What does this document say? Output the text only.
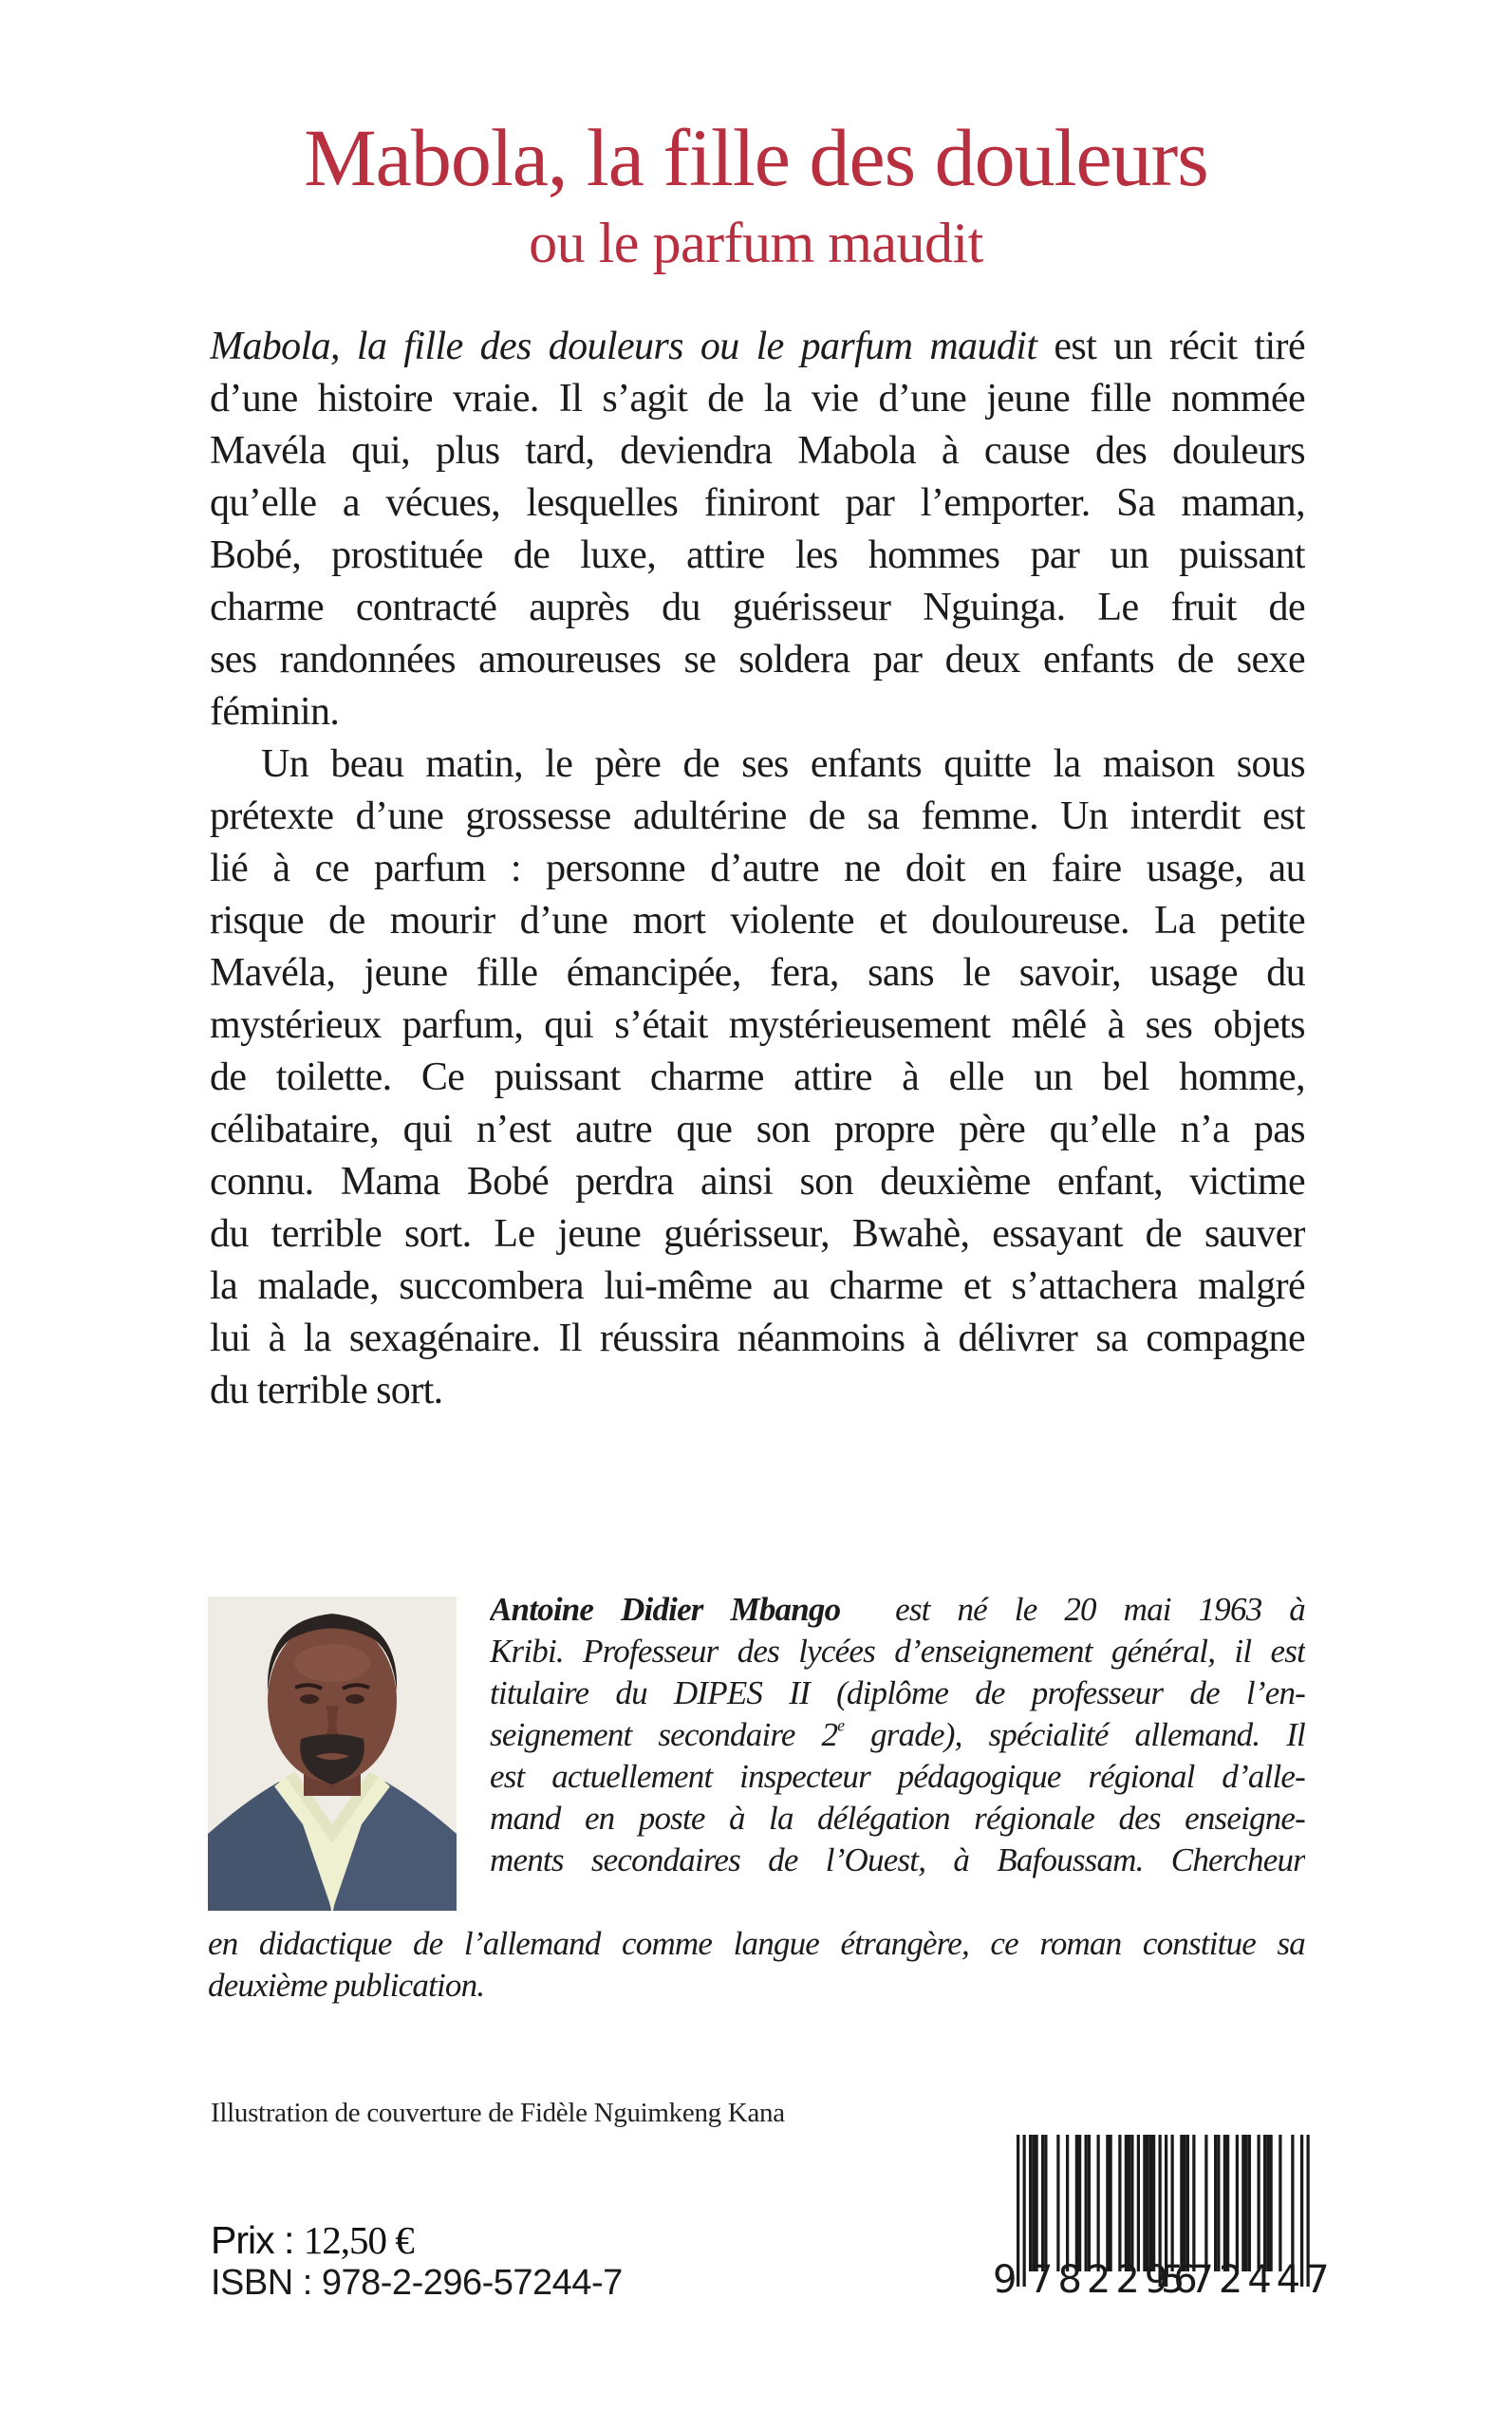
Mabola, la fille des douleurs
ou le parfum maudit
Mabola, la fille des douleurs ou le parfum maudit est un récit tiré
d’une histoire vraie. Il s’agit de la vie d’une jeune fille nommée
Mavéla qui, plus tard, deviendra Mabola à cause des douleurs
qu’elle a vécues, lesquelles finiront par l’emporter. Sa maman,
Bobé, prostituée de luxe, attire les hommes par un puissant
charme contracté auprès du guérisseur Nguinga. Le fruit de
ses randonnées amoureuses se soldera par deux enfants de sexe
féminin.
Un beau matin, le père de ses enfants quitte la maison sous
prétexte d’une grossesse adultérine de sa femme. Un interdit est
lié à ce parfum : personne d’autre ne doit en faire usage, au
risque de mourir d’une mort violente et douloureuse. La petite
Mavéla, jeune fille émancipée, fera, sans le savoir, usage du
mystérieux parfum, qui s’était mystérieusement mêlé à ses objets
de toilette. Ce puissant charme attire à elle un bel homme,
célibataire, qui n’est autre que son propre père qu’elle n’a pas
connu. Mama Bobé perdra ainsi son deuxième enfant, victime
du terrible sort. Le jeune guérisseur, Bwahè, essayant de sauver
la malade, succombera lui-même au charme et s’attachera malgré
lui à la sexagénaire. Il réussira néanmoins à délivrer sa compagne
du terrible sort.
Antoine Didier Mbango est né le 20 mai 1963 à
Kribi. Professeur des lycées d’enseignement général, il est
titulaire du DIPES II (diplôme de professeur de l’en-
seignement secondaire 2e grade), spécialité allemand. Il
est actuellement inspecteur pédagogique régional d’alle-
mand en poste à la délégation régionale des enseigne-
ments secondaires de l’Ouest, à Bafoussam. Chercheur
en didactique de l’allemand comme langue étrangère, ce roman constitue sa
deuxième publication.
Illustration de couverture de Fidèle Nguimkeng Kana
Prix : 12,50 €
ISBN : 978-2-296-57244-7	9 782296
572447
